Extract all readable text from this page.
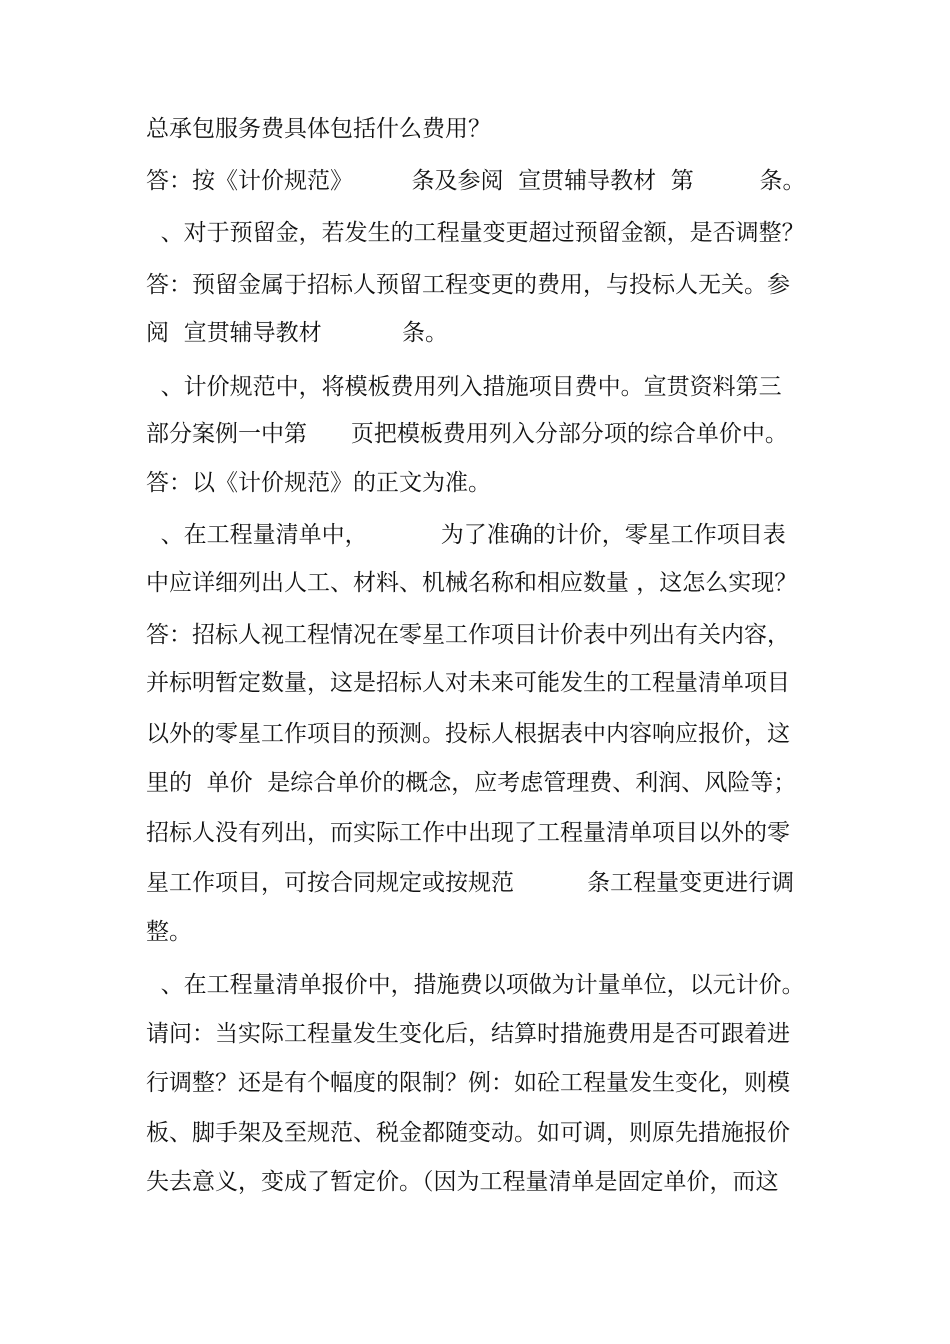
总承包服务费具体包括什么费用？
答：按《计价规范》        条及参阅  宣贯辅导教材  第         条。
、对于预留金，若发生的工程量变更超过预留金额，是否调整？
答：预留金属于招标人预留工程变更的费用，与投标人无关。参
阅  宣贯辅导教材           条。
、计价规范中，将模板费用列入措施项目费中。宣贯资料第三
部分案例一中第      页把模板费用列入分部分项的综合单价中。
答：以《计价规范》的正文为准。
、在工程量清单中，          为了准确的计价，零星工作项目表
中应详细列出人工、材料、机械名称和相应数量 ，这怎么实现？
答：招标人视工程情况在零星工作项目计价表中列出有关内容，
并标明暂定数量，这是招标人对未来可能发生的工程量清单项目
以外的零星工作项目的预测。投标人根据表中内容响应报价，这
里的  单价  是综合单价的概念，应考虑管理费、利润、风险等；
招标人没有列出，而实际工作中出现了工程量清单项目以外的零
星工作项目，可按合同规定或按规范          条工程量变更进行调
整。
、在工程量清单报价中，措施费以项做为计量单位，以元计价。
请问：当实际工程量发生变化后，结算时措施费用是否可跟着进
行调整？还是有个幅度的限制？例：如砼工程量发生变化，则模
板、脚手架及至规范、税金都随变动。如可调，则原先措施报价
失去意义，变成了暂定价。（因为工程量清单是固定单价，而这
